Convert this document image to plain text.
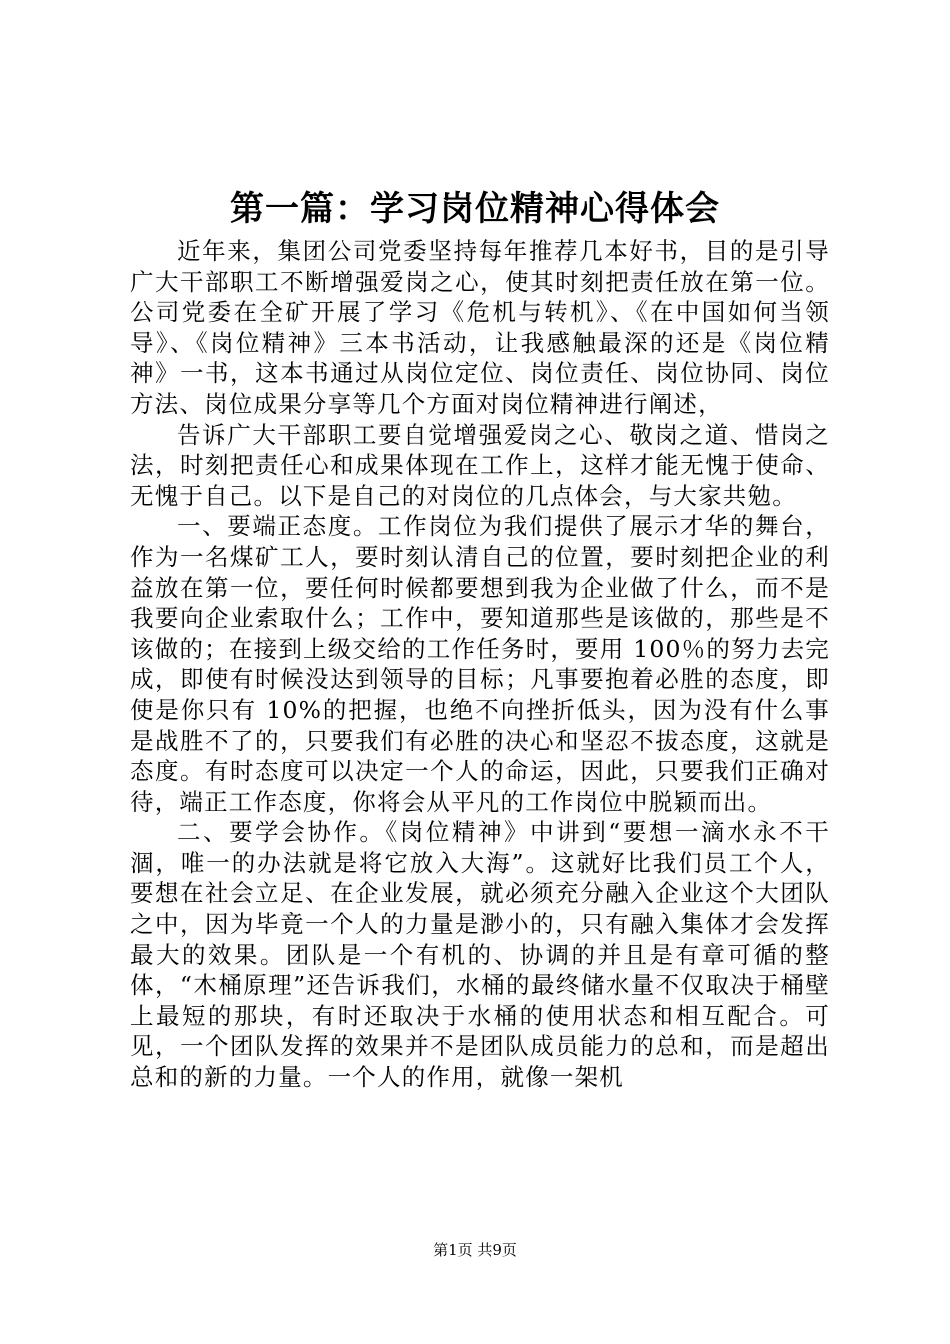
第一篇：学习岗位精神心得体会

近年来，集团公司党委坚持每年推荐几本好书，目的是引导广大干部职工不断增强爱岗之心，使其时刻把责任放在第一位。公司党委在全矿开展了学习《危机与转机》、《在中国如何当领导》、《岗位精神》三本书活动，让我感触最深的还是《岗位精神》一书，这本书通过从岗位定位、岗位责任、岗位协同、岗位方法、岗位成果分享等几个方面对岗位精神进行阐述，

告诉广大干部职工要自觉增强爱岗之心、敬岗之道、惜岗之法，时刻把责任心和成果体现在工作上，这样才能无愧于使命、无愧于自己。以下是自己的对岗位的几点体会，与大家共勉。

一、要端正态度。工作岗位为我们提供了展示才华的舞台，作为一名煤矿工人，要时刻认清自己的位置，要时刻把企业的利益放在第一位，要任何时候都要想到我为企业做了什么，而不是我要向企业索取什么；工作中，要知道那些是该做的，那些是不该做的；在接到上级交给的工作任务时，要用 100％的努力去完成，即使有时候没达到领导的目标；凡事要抱着必胜的态度，即使是你只有 10%的把握，也绝不向挫折低头，因为没有什么事是战胜不了的，只要我们有必胜的决心和坚忍不拔态度，这就是态度。有时态度可以决定一个人的命运，因此，只要我们正确对待，端正工作态度，你将会从平凡的工作岗位中脱颖而出。

二、要学会协作。《岗位精神》中讲到“要想一滴水永不干涸，唯一的办法就是将它放入大海”。这就好比我们员工个人，要想在社会立足、在企业发展，就必须充分融入企业这个大团队之中，因为毕竟一个人的力量是渺小的，只有融入集体才会发挥最大的效果。团队是一个有机的、协调的并且是有章可循的整体，“木桶原理”还告诉我们，水桶的最终储水量不仅取决于桶壁上最短的那块，有时还取决于水桶的使用状态和相互配合。可见，一个团队发挥的效果并不是团队成员能力的总和，而是超出总和的新的力量。一个人的作用，就像一架机

第1页 共9页
